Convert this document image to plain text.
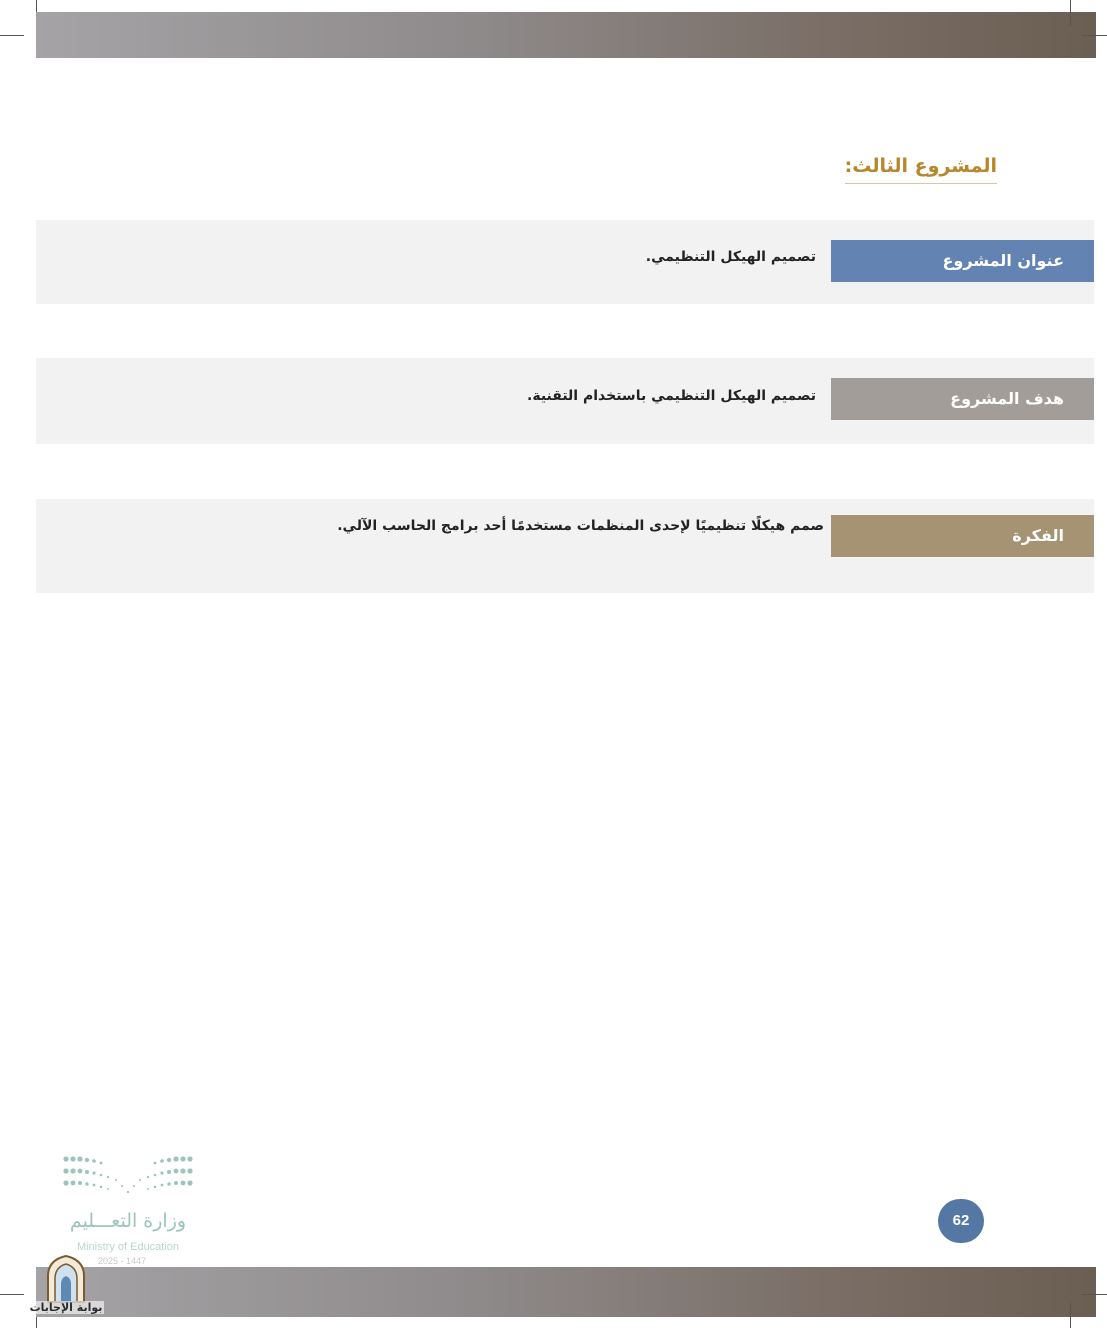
المشروع الثالث:
عنوان المشروع
تصميم الهيكل التنظيمي.
هدف المشروع
تصميم الهيكل التنظيمي باستخدام التقنية.
الفكرة
صمم هيكلًا تنظيميًا لإحدى المنظمات مستخدمًا أحد برامج الحاسب الآلي.
62
وزارة التعـــليم
Ministry of Education
2025 - 1447
بوابة الإجابات
